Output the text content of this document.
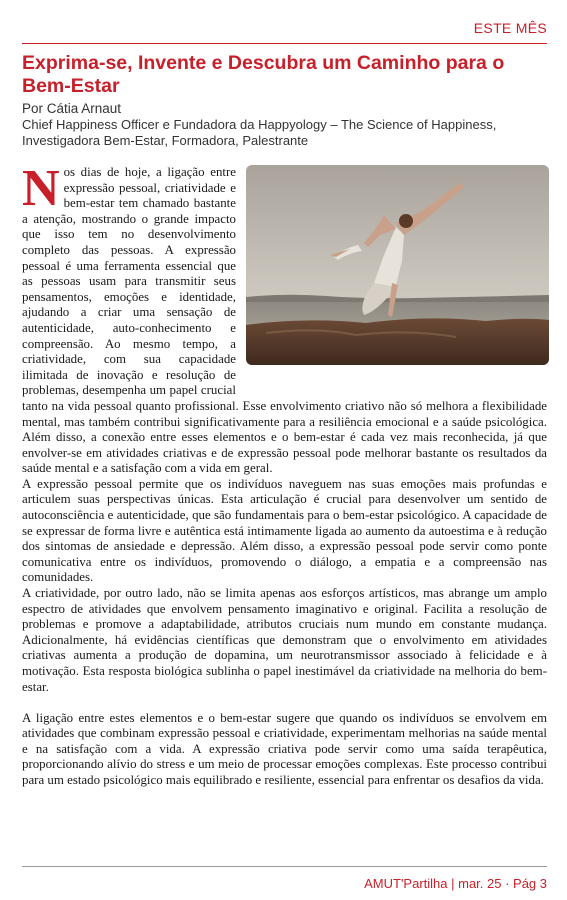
ESTE MÊS
Exprima-se, Invente e Descubra um Caminho para o Bem-Estar
Por Cátia Arnaut
Chief Happiness Officer e Fundadora da Happyology – The Science of Happiness,
Investigadora Bem-Estar, Formadora, Palestrante
N os dias de hoje, a ligação entre expressão pessoal, criatividade e bem-estar tem chamado bastante a atenção, mostrando o grande impacto que isso tem no desenvolvimento completo das pessoas. A expressão pessoal é uma ferramenta essencial que as pessoas usam para transmitir seus pensamentos, emoções e identidade, ajudando a criar uma sensação de autenticidade, auto-conhecimento e compreensão. Ao mesmo tempo, a criatividade, com sua capacidade ilimitada de inovação e resolução de problemas, desempenha um papel crucial tanto na vida pessoal quanto profissional. Esse envolvimento criativo não só melhora a flexibilidade mental, mas também contribui significativamente para a resiliência emocional e a saúde psicológica. Além disso, a conexão entre esses elementos e o bem-estar é cada vez mais reconhecida, já que envolver-se em atividades criativas e de expressão pessoal pode melhorar bastante os resultados da saúde mental e a satisfação com a vida em geral.

A expressão pessoal permite que os indivíduos naveguem nas suas emoções mais profundas e articulem suas perspectivas únicas. Esta articulação é crucial para desenvolver um sentido de autoconsciência e autenticidade, que são fundamentais para o bem-estar psicológico. A capacidade de se expressar de forma livre e autêntica está intimamente ligada ao aumento da autoestima e à redução dos sintomas de ansiedade e depressão. Além disso, a expressão pessoal pode servir como ponte comunicativa entre os indivíduos, promovendo o diálogo, a empatia e a compreensão nas comunidades.

A criatividade, por outro lado, não se limita apenas aos esforços artísticos, mas abrange um amplo espectro de atividades que envolvem pensamento imaginativo e original. Facilita a resolução de problemas e promove a adaptabilidade, atributos cruciais num mundo em constante mudança. Adicionalmente, há evidências científicas que demonstram que o envolvimento em atividades criativas aumenta a produção de dopamina, um neurotransmissor associado à felicidade e à motivação. Esta resposta biológica sublinha o papel inestimável da criatividade na melhoria do bem-estar.

A ligação entre estes elementos e o bem-estar sugere que quando os indivíduos se envolvem em atividades que combinam expressão pessoal e criatividade, experimentam melhorias na saúde mental e na satisfação com a vida. A expressão criativa pode servir como uma saída terapêutica, proporcionando alívio do stress e um meio de processar emoções complexas. Este processo contribui para um estado psicológico mais equilibrado e resiliente, essencial para enfrentar os desafios da vida.

AMUT'Partilha | mar. 25 · Pág 3
